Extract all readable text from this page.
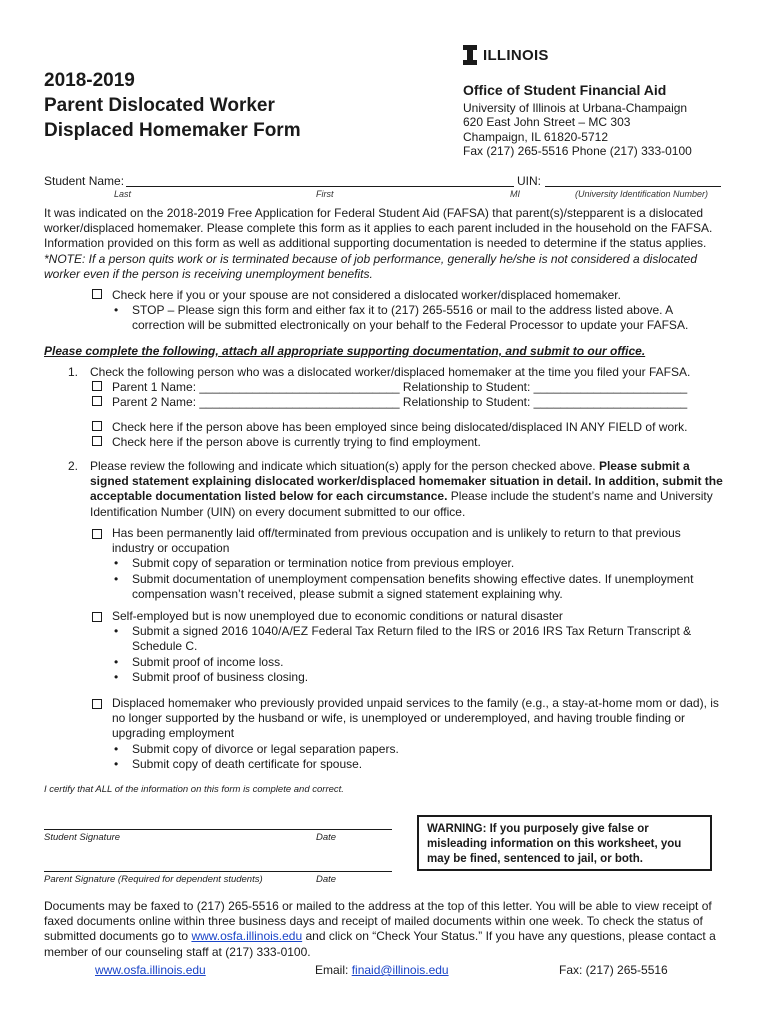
ILLINOIS
2018-2019
Parent Dislocated Worker
Displaced Homemaker Form
Office of Student Financial Aid
University of Illinois at Urbana-Champaign
620 East John Street – MC 303
Champaign, IL 61820-5712
Fax (217) 265-5516 Phone (217) 333-0100
Student Name:	UIN:
Last	First	MI	(University Identification Number)
It was indicated on the 2018-2019 Free Application for Federal Student Aid (FAFSA) that parent(s)/stepparent is a dislocated worker/displaced homemaker. Please complete this form as it applies to each parent included in the household on the FAFSA. Information provided on this form as well as additional supporting documentation is needed to determine if the status applies. *NOTE: If a person quits work or is terminated because of job performance, generally he/she is not considered a dislocated worker even if the person is receiving unemployment benefits.
Check here if you or your spouse are not considered a dislocated worker/displaced homemaker.
• STOP – Please sign this form and either fax it to (217) 265-5516 or mail to the address listed above. A correction will be submitted electronically on your behalf to the Federal Processor to update your FAFSA.
Please complete the following, attach all appropriate supporting documentation, and submit to our office.
1. Check the following person who was a dislocated worker/displaced homemaker at the time you filed your FAFSA.
Parent 1 Name: ______________________________ Relationship to Student: _______________________
Parent 2 Name: ______________________________ Relationship to Student: _______________________
Check here if the person above has been employed since being dislocated/displaced IN ANY FIELD of work.
Check here if the person above is currently trying to find employment.
2. Please review the following and indicate which situation(s) apply for the person checked above. Please submit a signed statement explaining dislocated worker/displaced homemaker situation in detail. In addition, submit the acceptable documentation listed below for each circumstance. Please include the student’s name and University Identification Number (UIN) on every document submitted to our office.
Has been permanently laid off/terminated from previous occupation and is unlikely to return to that previous industry or occupation
• Submit copy of separation or termination notice from previous employer.
• Submit documentation of unemployment compensation benefits showing effective dates. If unemployment compensation wasn’t received, please submit a signed statement explaining why.
Self-employed but is now unemployed due to economic conditions or natural disaster
• Submit a signed 2016 1040/A/EZ Federal Tax Return filed to the IRS or 2016 IRS Tax Return Transcript & Schedule C.
• Submit proof of income loss.
• Submit proof of business closing.
Displaced homemaker who previously provided unpaid services to the family (e.g., a stay-at-home mom or dad), is no longer supported by the husband or wife, is unemployed or underemployed, and having trouble finding or upgrading employment
• Submit copy of divorce or legal separation papers.
• Submit copy of death certificate for spouse.
I certify that ALL of the information on this form is complete and correct.
Student Signature	Date
Parent Signature (Required for dependent students)	Date
WARNING: If you purposely give false or misleading information on this worksheet, you may be fined, sentenced to jail, or both.
Documents may be faxed to (217) 265-5516 or mailed to the address at the top of this letter. You will be able to view receipt of faxed documents online within three business days and receipt of mailed documents within one week. To check the status of submitted documents go to www.osfa.illinois.edu and click on “Check Your Status.” If you have any questions, please contact a member of our counseling staff at (217) 333-0100.
www.osfa.illinois.edu	Email: finaid@illinois.edu	Fax: (217) 265-5516
